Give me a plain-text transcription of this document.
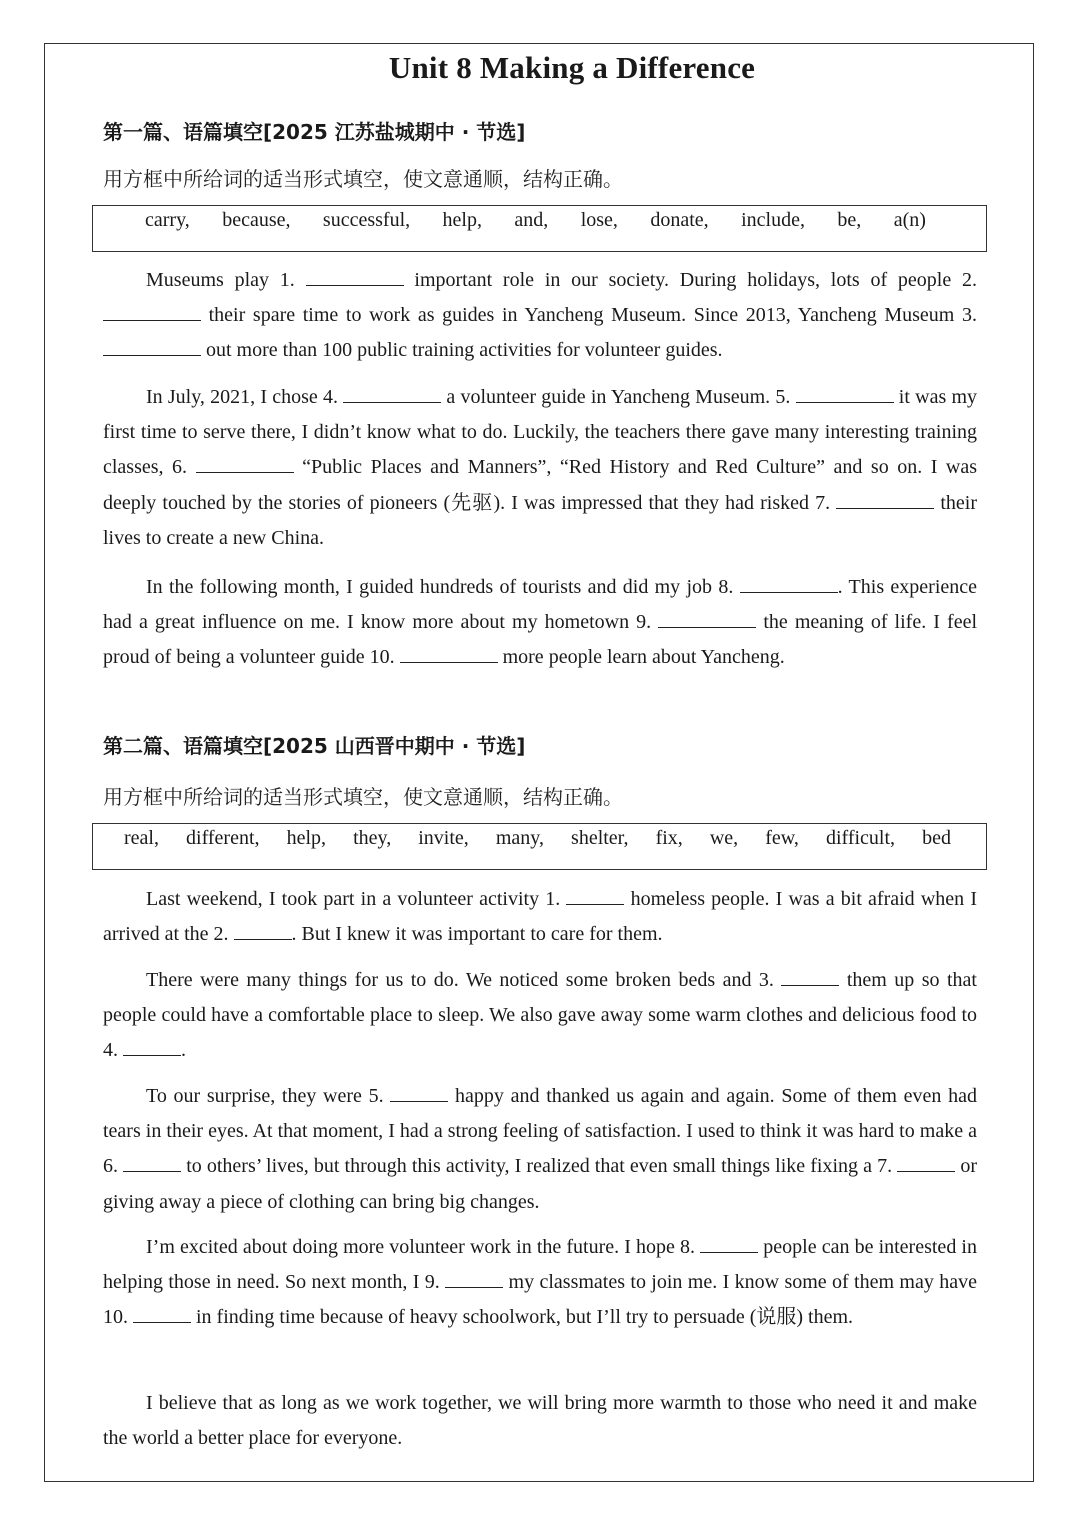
Unit 8 Making a Difference
第一篇、语篇填空[2025 江苏盐城期中 · 节选]
用方框中所给词的适当形式填空，使文意通顺，结构正确。
carry, because, successful, help, and, lose, donate, include, be, a(n)
Museums play 1.	important role in our society. During holidays, lots of people 2. their spare time to work as guides in Yancheng Museum. Since 2013, Yancheng Museum 3.  out more than 100 public training activities for volunteer guides.
In July, 2021, I chose 4.	a volunteer guide in Yancheng Museum. 5.	it was my first time to serve there, I didn’t know what to do. Luckily, the teachers there gave many interesting training classes, 6.	“Public Places and Manners”, “Red History and Red Culture” and so on. I was deeply touched by the stories of pioneers (先驱). I was impressed that they had risked 7.	their lives to create a new China.
In the following month, I guided hundreds of tourists and did my job 8.	. This experience had a great influence on me. I know more about my hometown 9.	the meaning of life. I feel proud of being a volunteer guide 10.	more people learn about Yancheng.
第二篇、语篇填空[2025 山西晋中期中 · 节选]
用方框中所给词的适当形式填空，使文意通顺，结构正确。
real, different, help, they, invite, many, shelter, fix, we, few, difficult, bed
Last weekend, I took part in a volunteer activity 1.	homeless people. I was a bit afraid when I arrived at the 2.	. But I knew it was important to care for them.
There were many things for us to do. We noticed some broken beds and 3.	them up so that people could have a comfortable place to sleep. We also gave away some warm clothes and delicious food to 4.	.
To our surprise, they were 5.	happy and thanked us again and again. Some of them even had tears in their eyes. At that moment, I had a strong feeling of satisfaction. I used to think it was hard to make a 6.	to others’ lives, but through this activity, I realized that even small things like fixing a 7.	or giving away a piece of clothing can bring big changes.
I’m excited about doing more volunteer work in the future. I hope 8.	people can be interested in helping those in need. So next month, I 9.	my classmates to join me. I know some of them may have 10.	in finding time because of heavy schoolwork, but I’ll try to persuade (说服) them.
I believe that as long as we work together, we will bring more warmth to those who need it and make the world a better place for everyone.
